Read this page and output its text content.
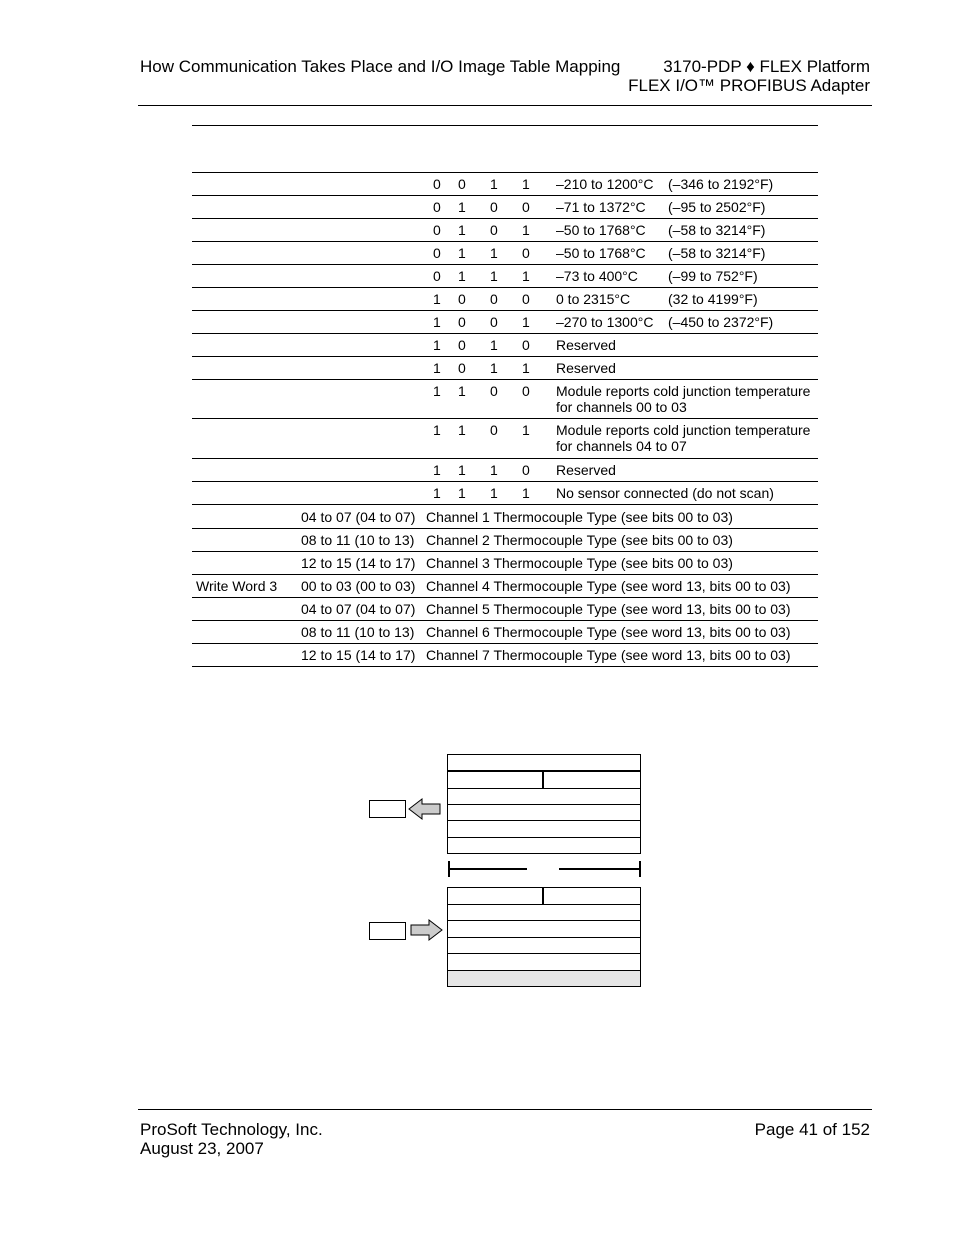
How Communication Takes Place and I/O Image Table Mapping	3170-PDP ♦ FLEX Platform
FLEX I/O™ PROFIBUS Adapter
0 0 1 1 –210 to 1200°C (–346 to 2192°F)
0 1 0 0 –71 to 1372°C (–95 to 2502°F)
0 1 0 1 –50 to 1768°C (–58 to 3214°F)
0 1 1 0 –50 to 1768°C (–58 to 3214°F)
0 1 1 1 –73 to 400°C (–99 to 752°F)
1 0 0 0 0 to 2315°C	(32 to 4199°F)
1 0 0 1 –270 to 1300°C (–450 to 2372°F)
1 0 1 0 Reserved
1 0 1 1 Reserved
1 1 0 0 Module reports cold junction temperature for channels 00 to 03
1 1 0 1 Module reports cold junction temperature for channels 04 to 07
1 1 1 0 Reserved
1 1 1 1 No sensor connected (do not scan)
04 to 07 (04 to 07) Channel 1 Thermocouple Type (see bits 00 to 03)
08 to 11 (10 to 13) Channel 2 Thermocouple Type (see bits 00 to 03)
12 to 15 (14 to 17) Channel 3 Thermocouple Type (see bits 00 to 03)
Write Word 3 00 to 03 (00 to 03) Channel 4 Thermocouple Type (see word 13, bits 00 to 03)
04 to 07 (04 to 07) Channel 5 Thermocouple Type (see word 13, bits 00 to 03)
08 to 11 (10 to 13) Channel 6 Thermocouple Type (see word 13, bits 00 to 03)
12 to 15 (14 to 17) Channel 7 Thermocouple Type (see word 13, bits 00 to 03)
ProSoft Technology, Inc.
August 23, 2007
Page 41 of 152
